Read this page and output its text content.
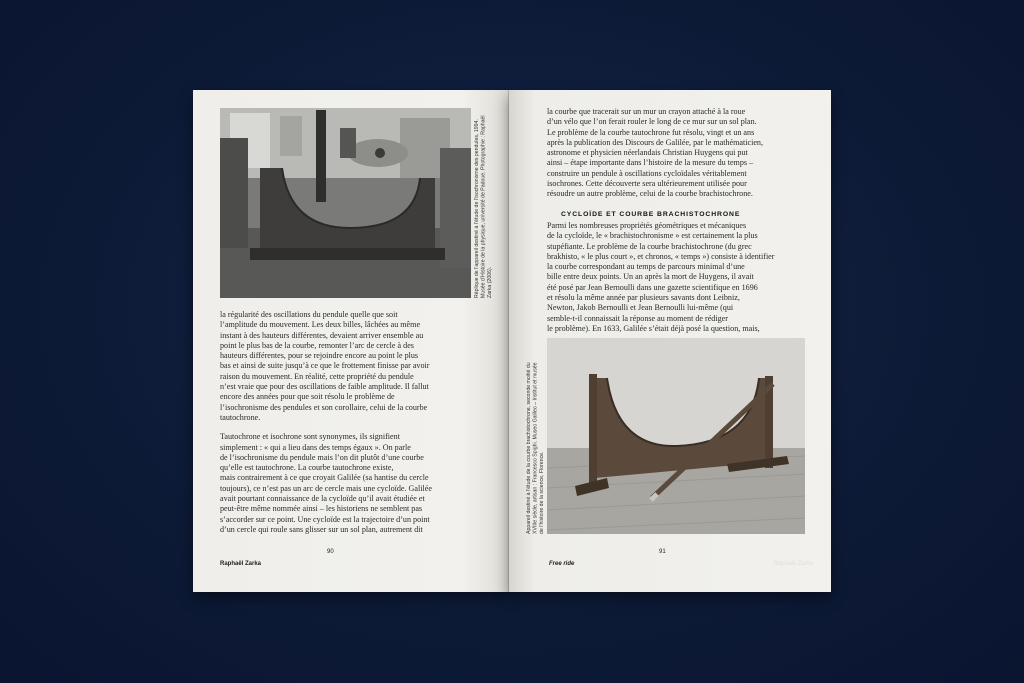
Réplique de l’appareil destiné à l’étude de l’isochronisme des pendules, 1994. Musée d’Histoire de la physique, université de Padoue. Photographie : Raphaël Zarka (2006).

la régularité des oscillations du pendule quelle que soit
l’amplitude du mouvement. Les deux billes, lâchées au même
instant à des hauteurs différentes, devaient arriver ensemble au
point le plus bas de la courbe, remonter l’arc de cercle à des
hauteurs différentes, pour se rejoindre encore au point le plus
bas et ainsi de suite jusqu’à ce que le frottement finisse par avoir
raison du mouvement. En réalité, cette propriété du pendule
n’est vraie que pour des oscillations de faible amplitude. Il fallut
encore des années pour que soit résolu le problème de
l’isochronisme des pendules et son corollaire, celui de la courbe
tautochrone.

Tautochrone et isochrone sont synonymes, ils signifient
simplement : « qui a lieu dans des temps égaux ». On parle
de l’isochronisme du pendule mais l’on dit plutôt d’une courbe
qu’elle est tautochrone. La courbe tautochrone existe,
mais contrairement à ce que croyait Galilée (sa hantise du cercle
toujours), ce n’est pas un arc de cercle mais une cycloïde. Galilée
avait pourtant connaissance de la cycloïde qu’il avait étudiée et
peut-être même nommée ainsi – les historiens ne semblent pas
s’accorder sur ce point. Une cycloïde est la trajectoire d’un point
d’un cercle qui roule sans glisser sur un sol plan, autrement dit

90
Raphaël Zarka

la courbe que tracerait sur un mur un crayon attaché à la roue
d’un vélo que l’on ferait rouler le long de ce mur sur un sol plan.
Le problème de la courbe tautochrone fut résolu, vingt et un ans
après la publication des Discours de Galilée, par le mathématicien,
astronome et physicien néerlandais Christian Huygens qui put
ainsi – étape importante dans l’histoire de la mesure du temps –
construire un pendule à oscillations cycloïdales véritablement
isochrones. Cette découverte sera ultérieurement utilisée pour
résoudre un autre problème, celui de la courbe brachistochrone.

CYCLOÏDE ET COURBE BRACHISTOCHRONE

Parmi les nombreuses propriétés géométriques et mécaniques
de la cycloïde, le « brachistochronisme » est certainement la plus
stupéfiante. Le problème de la courbe brachistochrone (du grec
brakhisto, « le plus court », et chronos, « temps ») consiste à identifier
la courbe correspondant au temps de parcours minimal d’une
bille entre deux points. Un an après la mort de Huygens, il avait
été posé par Jean Bernoulli dans une gazette scientifique en 1696
et résolu la même année par plusieurs savants dont Leibniz,
Newton, Jakob Bernoulli et Jean Bernoulli lui-même (qui
semble-t-il connaissait la réponse au moment de rédiger
le problème). En 1633, Galilée s’était déjà posé la question, mais,

Appareil destiné à l’étude de la courbe brachistochrone, seconde moitié du XVIIIe siècle, artisan : Francesco Spighi. Museo Galileo – Institut et musée de l’histoire de la science, Florence.
91
Free ride	Raphaël Zarka
